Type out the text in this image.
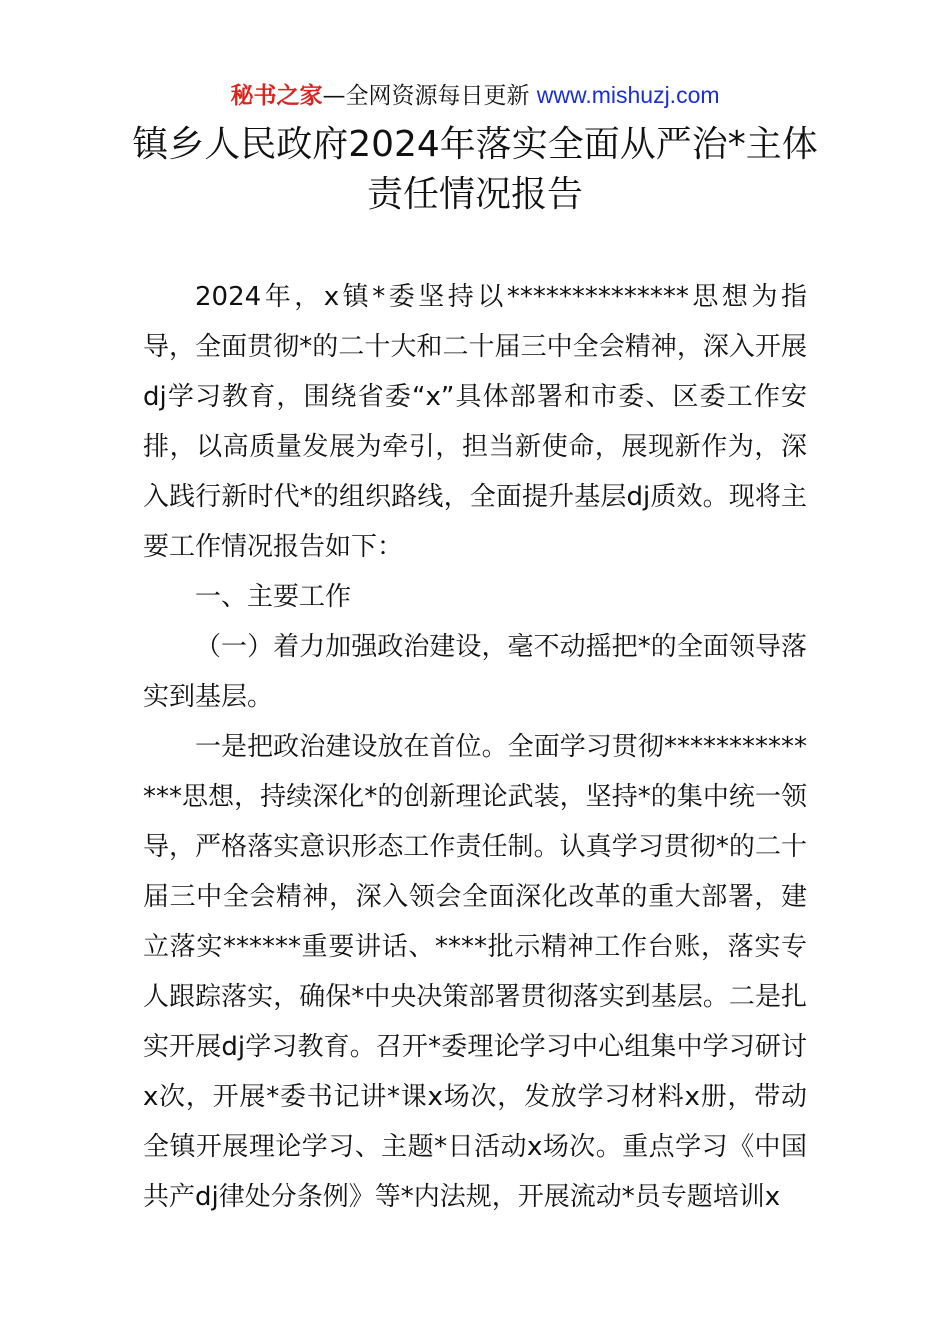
秘书之家—全网资源每日更新 www.mishuzj.com
镇乡人民政府2024年落实全面从严治*主体责任情况报告

2024年，x镇*委坚持以**************思想为指导，全面贯彻*的二十大和二十届三中全会精神，深入开展dj学习教育，围绕省委“x”具体部署和市委、区委工作安排，以高质量发展为牵引，担当新使命，展现新作为，深入践行新时代*的组织路线，全面提升基层dj质效。现将主要工作情况报告如下：

一、主要工作

（一）着力加强政治建设，毫不动摇把*的全面领导落实到基层。

一是把政治建设放在首位。全面学习贯彻**************思想，持续深化*的创新理论武装，坚持*的集中统一领导，严格落实意识形态工作责任制。认真学习贯彻*的二十届三中全会精神，深入领会全面深化改革的重大部署，建立落实******重要讲话、****批示精神工作台账，落实专人跟踪落实，确保*中央决策部署贯彻落实到基层。二是扎实开展dj学习教育。召开*委理论学习中心组集中学习研讨x次，开展*委书记讲*课x场次，发放学习材料x册，带动全镇开展理论学习、主题*日活动x场次。重点学习《中国共产dj律处分条例》等*内法规，开展流动*员专题培训x
